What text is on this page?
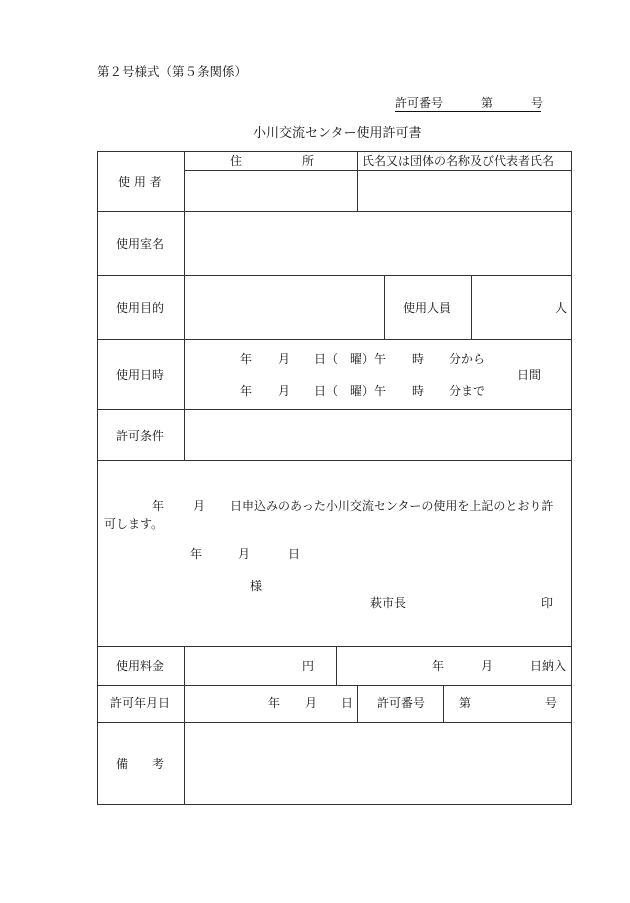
第２号様式（第５条関係）
許可番号	第	号
小川交流センター使用許可書
使 用 者
住	所	氏名又は団体の名称及び代表者氏名
使用室名
使用目的	使用人員	人
使用日時
年 月 日（ 曜）午 時 分から
年 月 日（ 曜）午 時 分まで
日間
許可条件
年 月 日申込みのあった小川交流センターの使用を上記のとおり許
可します。
年	月	日
様
萩市長	印
使用料金	円	年	月	日納入
許可年月日	年 月 日 許可番号	第	号
備　　考
